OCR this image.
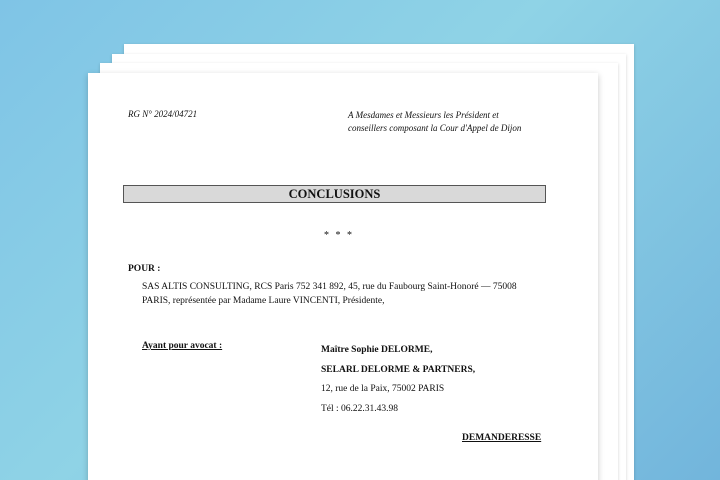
RG N° 2024/04721	A Mesdames et Messieurs les Président et
conseillers composant la Cour d'Appel de Dijon
CONCLUSIONS
* * *
POUR :
SAS ALTIS CONSULTING, RCS Paris 752 341 892, 45, rue du Faubourg Saint-Honoré — 75008
PARIS, représentée par Madame Laure VINCENTI, Présidente,
Ayant pour avocat :	Maître Sophie DELORME,
SELARL DELORME & PARTNERS,
12, rue de la Paix, 75002 PARIS
Tél : 06.22.31.43.98
DEMANDERESSE
